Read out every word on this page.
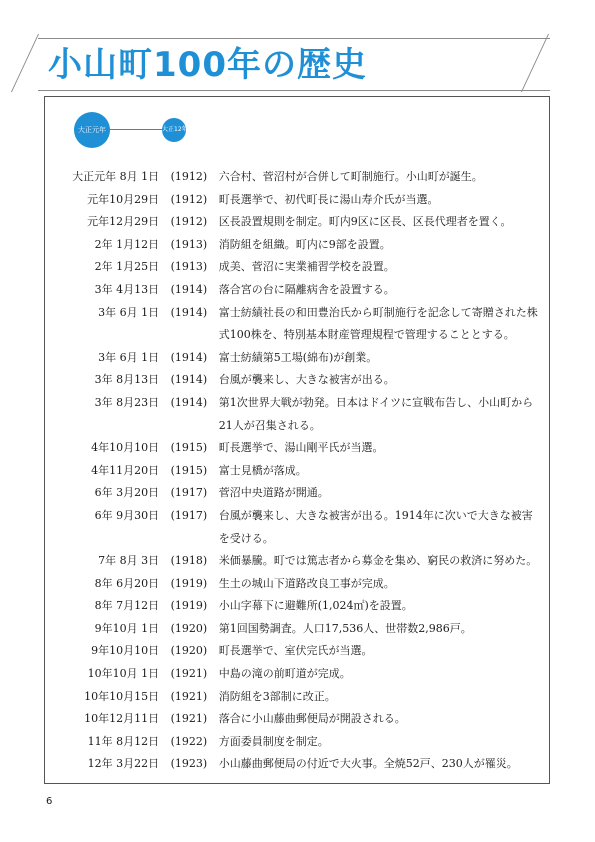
小山町100年の歴史
大正元年	大正12年
大正元年 8月 1日	(1912)	六合村、菅沼村が合併して町制施行。小山町が誕生。
元年10月29日	(1912)	町長選挙で、初代町長に湯山寿介氏が当選。
元年12月29日	(1912)	区長設置規則を制定。町内9区に区長、区長代理者を置く。
2年 1月12日	(1913)	消防組を組織。町内に9部を設置。
2年 1月25日	(1913)	成美、菅沼に実業補習学校を設置。
3年 4月13日	(1914)	落合宮の台に隔離病舎を設置する。
3年 6月 1日	(1914)	富士紡績社長の和田豊治氏から町制施行を記念して寄贈された株式100株を、特別基本財産管理規程で管理することとする。
3年 6月 1日	(1914)	富士紡績第5工場(綿布)が創業。
3年 8月13日	(1914)	台風が襲来し、大きな被害が出る。
3年 8月23日	(1914)	第1次世界大戦が勃発。日本はドイツに宣戦布告し、小山町から21人が召集される。
4年10月10日	(1915)	町長選挙で、湯山剛平氏が当選。
4年11月20日	(1915)	富士見橋が落成。
6年 3月20日	(1917)	菅沼中央道路が開通。
6年 9月30日	(1917)	台風が襲来し、大きな被害が出る。1914年に次いで大きな被害を受ける。
7年 8月 3日	(1918)	米価暴騰。町では篤志者から募金を集め、窮民の救済に努めた。
8年 6月20日	(1919)	生土の城山下道路改良工事が完成。
8年 7月12日	(1919)	小山字幕下に避難所(1,024㎡)を設置。
9年10月 1日	(1920)	第1回国勢調査。人口17,536人、世帯数2,986戸。
9年10月10日	(1920)	町長選挙で、室伏完氏が当選。
10年10月 1日	(1921)	中島の滝の前町道が完成。
10年10月15日	(1921)	消防組を3部制に改正。
10年12月11日	(1921)	落合に小山藤曲郵便局が開設される。
11年 8月12日	(1922)	方面委員制度を制定。
12年 3月22日	(1923)	小山藤曲郵便局の付近で大火事。全焼52戸、230人が罹災。
6
